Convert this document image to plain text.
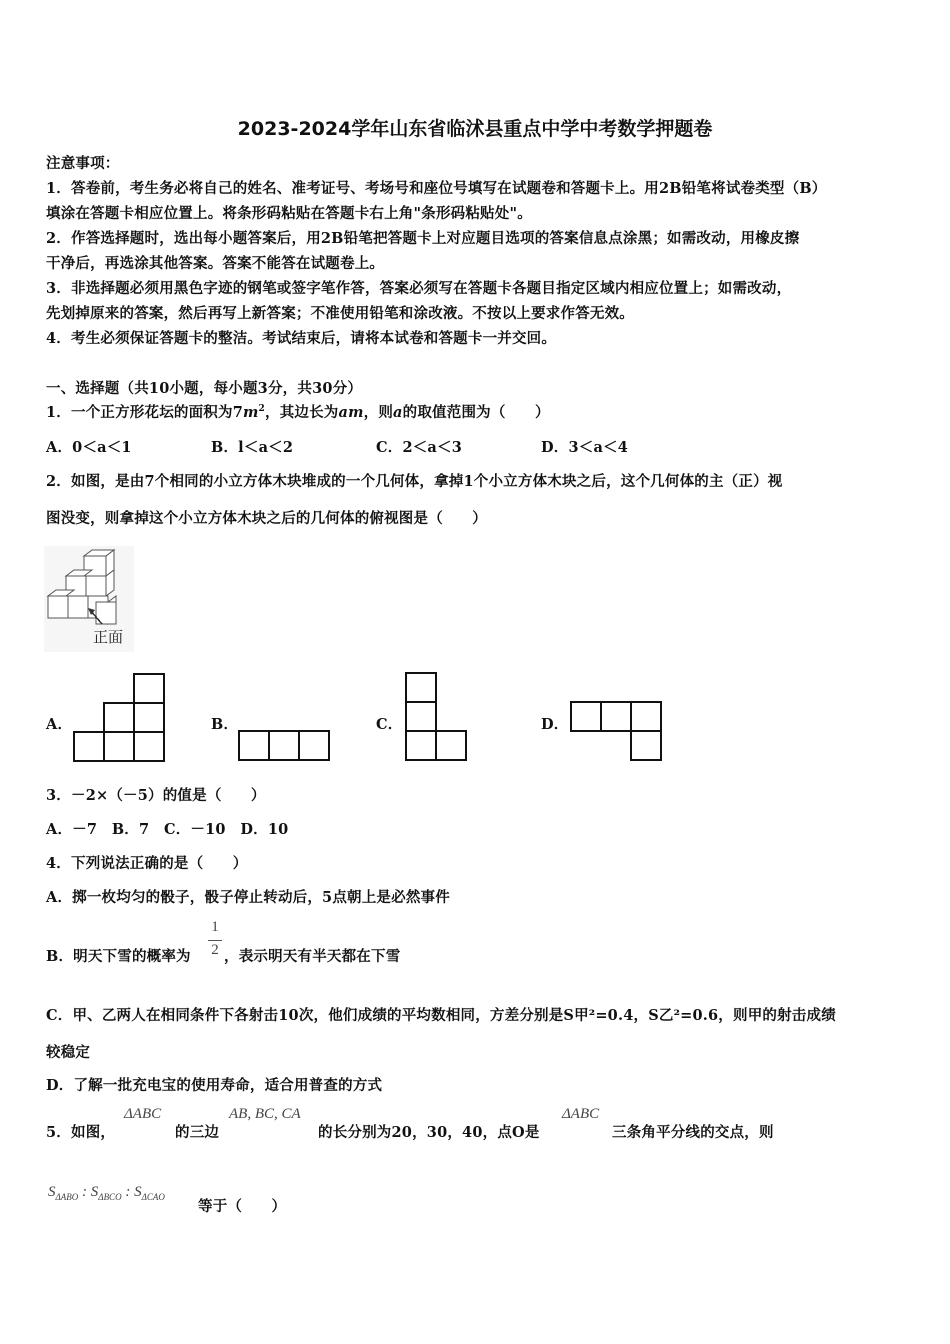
2023-2024学年山东省临沭县重点中学中考数学押题卷
注意事项：
1．答卷前，考生务必将自己的姓名、准考证号、考场号和座位号填写在试题卷和答题卡上。用2B铅笔将试卷类型（B）
填涂在答题卡相应位置上。将条形码粘贴在答题卡右上角"条形码粘贴处"。
2．作答选择题时，选出每小题答案后，用2B铅笔把答题卡上对应题目选项的答案信息点涂黑；如需改动，用橡皮擦
干净后，再选涂其他答案。答案不能答在试题卷上。
3．非选择题必须用黑色字迹的钢笔或签字笔作答，答案必须写在答题卡各题目指定区域内相应位置上；如需改动，
先划掉原来的答案，然后再写上新答案；不准使用铅笔和涂改液。不按以上要求作答无效。
4．考生必须保证答题卡的整洁。考试结束后，请将本试卷和答题卡一并交回。
一、选择题（共10小题，每小题3分，共30分）
1．一个正方形花坛的面积为$7m^2$，其边长为am，则a的取值范围为（　　）
A．0＜a＜1	B．l＜a＜2	C．2＜a＜3	D．3＜a＜4
2．如图，是由7个相同的小立方体木块堆成的一个几何体，拿掉1个小立方体木块之后，这个几何体的主（正）视
图没变，则拿掉这个小立方体木块之后的几何体的俯视图是（　　）
正面
A．	B．	C．	D．
3．－2×（－5）的值是（　　）
A．－7　B．7　C．－10　D．10
4．下列说法正确的是（　　）
A．掷一枚均匀的骰子，骰子停止转动后，5点朝上是必然事件
B．明天下雪的概率为
1
2 ，表示明天有半天都在下雪
C．甲、乙两人在相同条件下各射击10次，他们成绩的平均数相同，方差分别是S甲²=0.4，S乙²=0.6，则甲的射击成绩
较稳定
D．了解一批充电宝的使用寿命，适合用普查的方式
5．如图，
ΔABC
的三边
AB, BC, CA
的长分别为20，30，40，点O是
ΔABC
三条角平分线的交点，则
$S_{\Delta ABO}$ : $S_{\Delta BCO}$ : $S_{\Delta CAO}$
等于（　　）
